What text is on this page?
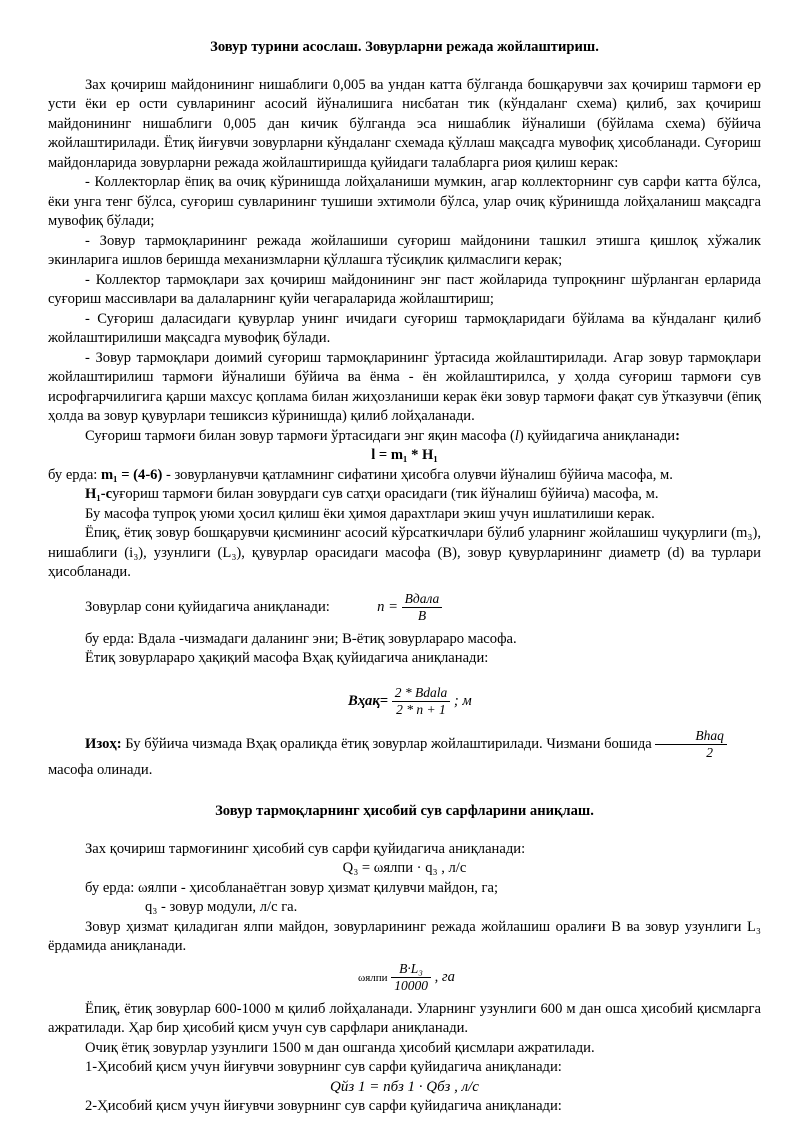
Зовур турини асослаш. Зовурларни режада жойлаштириш.

Зах қочириш майдонининг нишаблиги 0,005 ва ундан катта бўлганда бошқарувчи зах қочириш тармоғи ер усти ёки ер ости сувларининг асосий йўналишига нисбатан тик (кўндаланг схема) қилиб, зах қочириш майдонининг нишаблиги 0,005 дан кичик бўлганда эса нишаблик йўналиши (бўйлама схема) бўйича жойлаштирилади. Ётиқ йиғувчи зовурларни кўндаланг схемада қўллаш мақсадга мувофиқ ҳисобланади. Суғориш майдонларида зовурларни режада жойлаштиришда қуйидаги талабларга риоя қилиш керак:

- Коллекторлар ёпиқ ва очиқ кўринишда лойҳаланиши мумкин, агар коллекторнинг сув сарфи катта бўлса, ёки унга тенг бўлса, суғориш сувларининг тушиши эхтимоли бўлса, улар очиқ кўринишда лойҳаланиш мақсадга мувофиқ бўлади;

- Зовур тармоқларининг режада жойлашиши суғориш майдонини ташкил этишга қишлоқ хўжалик экинларига ишлов беришда механизмларни қўллашга тўсиқлик қилмаслиги керак;

- Коллектор тармоқлари зах қочириш майдонининг энг паст жойларида тупроқнинг шўрланган ерларида суғориш массивлари ва далаларнинг қуйи чегараларида жойлаштириш;

- Суғориш даласидаги қувурлар унинг ичидаги суғориш тармоқларидаги бўйлама ва кўндаланг қилиб жойлаштирилиши мақсадга мувофиқ бўлади.

- Зовур тармоқлари доимий суғориш тармоқларининг ўртасида жойлаштирилади. Агар зовур тармоқлари жойлаштирилиш тармоғи йўналиши бўйича ва ёнма - ён жойлаштирилса, у ҳолда суғориш тармоғи сув исрофгарчилигига қарши махсус қоплама билан жиҳозланиши керак ёки зовур тармоғи фақат сув ўтказувчи (ёпиқ ҳолда ва зовур қувурлари тешиксиз кўринишда) қилиб лойҳаланади.

Суғориш тармоғи билан зовур тармоғи ўртасидаги энг яқин масофа (l) қуйидагича аниқланади:

l = m₁ * H₁

бу ерда: m₁ = (4-6) - зовурланувчи қатламнинг сифатини ҳисобга олувчи йўналиш бўйича масофа, м.

H₁-суғориш тармоғи билан зовурдаги сув сатҳи орасидаги (тик йўналиш бўйича) масофа, м.

Бу масофа тупроқ уюми ҳосил қилиш ёки ҳимоя дарахтлари экиш учун ишлатилиши керак.

Ёпиқ, ётиқ зовур бошқарувчи қисмининг асосий кўрсаткичлари бўлиб уларнинг жойлашиш чуқурлиги (m₃), нишаблиги (i₃), узунлиги (L₃), қувурлар орасидаги масофа (B), зовур қувурларининг диаметр (d) ва турлари ҳисобланади.

Зовурлар сони қуйидагича аниқланади:	$n = \frac{\text{Bдала}}{B}$

бу ерда: Bдала -чизмадаги даланинг эни; B-ётиқ зовурлараро масофа.

Ётиқ зовурлараро ҳақиқий масофа Bҳақ қуйидагича аниқланади:

Bҳақ= $\frac{\text{2 * Bdala}}{2 * n + 1}$ ; м

Изоҳ: Бу бўйича чизмада Bҳақ оралиқда ётиқ зовурлар жойлаштирилади. Чизмани бошида $\frac{\text{Bhaq}}{2}$

масофа олинади.

Зовур тармоқларнинг ҳисобий сув сарфларини аниқлаш.

Зах қочириш тармоғининг ҳисобий сув сарфи қуйидагича аниқланади:

Q₃ = ωялпи · q₃ , л/с

бу ерда: ωялпи - ҳисобланаётган зовур ҳизмат қилувчи майдон, га;

q₃ - зовур модули, л/с га.

Зовур ҳизмат қиладиган ялпи майдон, зовурларининг режада жойлашиш оралиғи B ва зовур узунлиги L₃ ёрдамида аниқланади.

ωялпи $\frac{\text{B·L₃}}{10000}$ , га

Ёпиқ, ётиқ зовурлар 600-1000 м қилиб лойҳаланади. Уларнинг узунлиги 600 м дан ошса ҳисобий қисмларга ажратилади. Ҳар бир ҳисобий қисм учун сув сарфлари аниқланади.

Очиқ ётиқ зовурлар узунлиги 1500 м дан ошганда ҳисобий қисмлари ажратилади.

1-Ҳисобий қисм учун йиғувчи зовурнинг сув сарфи қуйидагича аниқланади:

Qйз 1 = nбз 1 · Qбз , л/с

2-Ҳисобий қисм учун йиғувчи зовурнинг сув сарфи қуйидагича аниқланади:
